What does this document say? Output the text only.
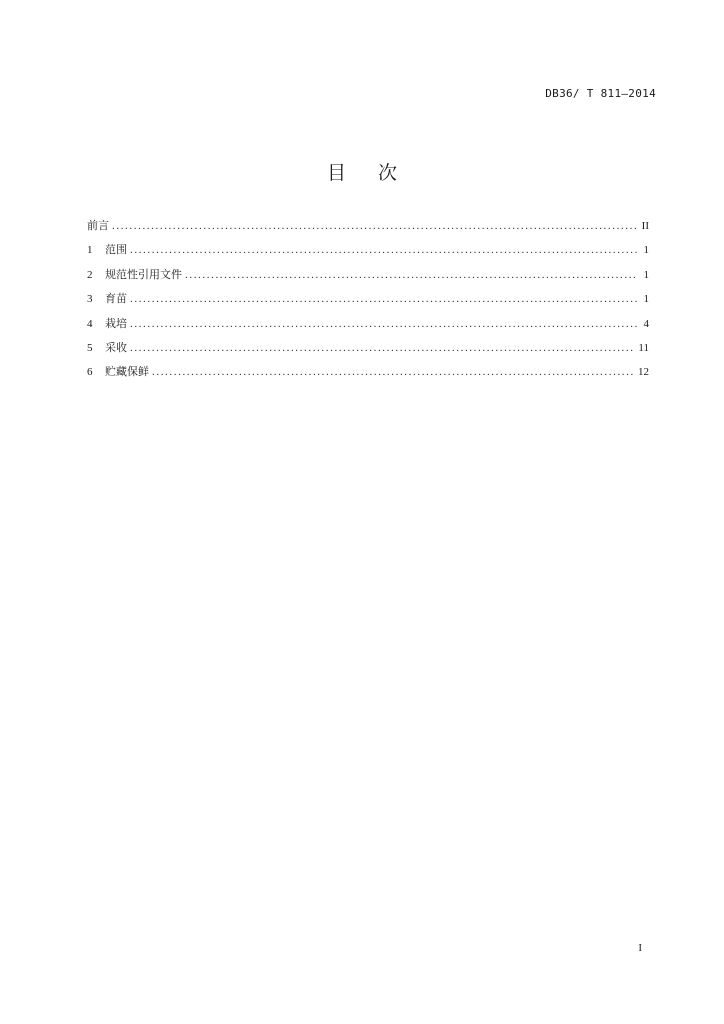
DB36/ T 811—2014
目 次
前言 .....	II
1	范围 .....	1
2	规范性引用文件 .....	1
3	育苗 .....	1
4	栽培 .....	4
5	采收 .....	11
6	贮藏保鲜 .....	12
I
